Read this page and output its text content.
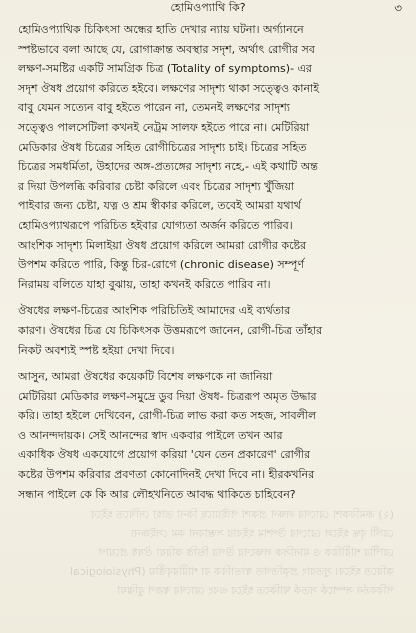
(২) ক্রমবিকাশ রোগের লক্ষণ প্রকাশ পাইয়াছে কিনা তাহা দেখিতে হইবে
রোগী বৃদ্ধ হইলে রোগের উপশম হইবার সম্ভাবনা কম সেইজন্য
রোগীর শারীরিক ও মানসিক লক্ষণের উপর ভিত্তি করিয়া ঔষধ প্রয়োগ
করিতে হইবে। সুতরাং প্রকৃতিগত স্বাভাবিক বা শারীরবৃত্তীয় (Physiological
পরিবর্তন সম্পর্কে সতর্ক থাকিতে হইবে এবং রোগের স্বরূপ বুঝিয়া
হোমিওপ্যাথি কি?	৩
হোমিওপ্যাথিক চিকিৎসা অন্ধের হাতি দেখার ন্যায় ঘটনা। অর্গ্যাননে
স্পষ্টভাবে বলা আছে যে, রোগাক্রান্ত অবস্থার সদৃশ, অর্থাৎ রোগীর সব
লক্ষণ-সমষ্টির একটি সামগ্রিক চিত্র (Totality of symptoms)- এর
সদৃশ ঔষধ প্রয়োগ করিতে হইবে। লক্ষণের সাদৃশ্য থাকা সত্ত্বেও কানাই
বাবু যেমন সত্যেন বাবু হইতে পারেন না, তেমনই লক্ষণের সাদৃশ্য
সত্ত্বেও পালসেটিলা কখনই নেট্রম সালফ হইতে পারে না। মেটিরিয়া
মেডিকার ঔষধ চিত্রের সহিত রোগীচিত্রের সাদৃশ্য চাই। চিত্রের সহিত
চিত্রের সমধর্মিতা, উহাদের অঙ্গ-প্রত্যঙ্গের সাদৃশ্য নহে,- এই কথাটি অন্ত
র দিয়া উপলব্ধি করিবার চেষ্টা করিলে এবং চিত্রের সাদৃশ্য খুঁজিয়া
পাইবার জন্য চেষ্টা, যত্ন ও শ্রম স্বীকার করিলে, তবেই আমরা যথার্থ
হোমিওপ্যাথরূপে পরিচিত হইবার যোগ্যতা অর্জন করিতে পারিব।
আংশিক সাদৃশ্য মিলাইয়া ঔষধ প্রয়োগ করিলে আমরা রোগীর কষ্টের
উপশম করিতে পারি, কিন্তু চির-রোগে (chronic disease) সম্পূর্ণ
নিরাময় বলিতে যাহা বুঝায়, তাহা কখনই করিতে পারিব না।
ঔষধের লক্ষণ-চিত্রের আংশিক পরিচিতিই আমাদের এই ব্যর্থতার
কারণ। ঔষধের চিত্র যে চিকিৎসক উত্তমরূপে জানেন, রোগী-চিত্র তাঁহার
নিকট অবশ্যই স্পষ্ট হইয়া দেখা দিবে।
আসুন, আমরা ঔষধের কয়েকটি বিশেষ লক্ষণকে না জানিয়া
মেটিরিয়া মেডিকার লক্ষণ-সমুদ্রে ডুব দিয়া ঔষধ- চিত্ররূপ অমৃত উদ্ধার
করি। তাহা হইলে দেখিবেন, রোগী-চিত্র লাভ করা কত সহজ, সাবলীল
ও আনন্দদায়ক। সেই আনন্দের স্বাদ একবার পাইলে তখন আর
একাধিক ঔষধ একযোগে প্রয়োগ করিয়া 'যেন তেন প্রকারেণ' রোগীর
কষ্টের উপশম করিবার প্রবণতা কোনোদিনই দেখা দিবে না। হীরকখনির
সন্ধান পাইলে কে কি আর লৌহখনিতে আবদ্ধ থাকিতে চাহিবেন?
